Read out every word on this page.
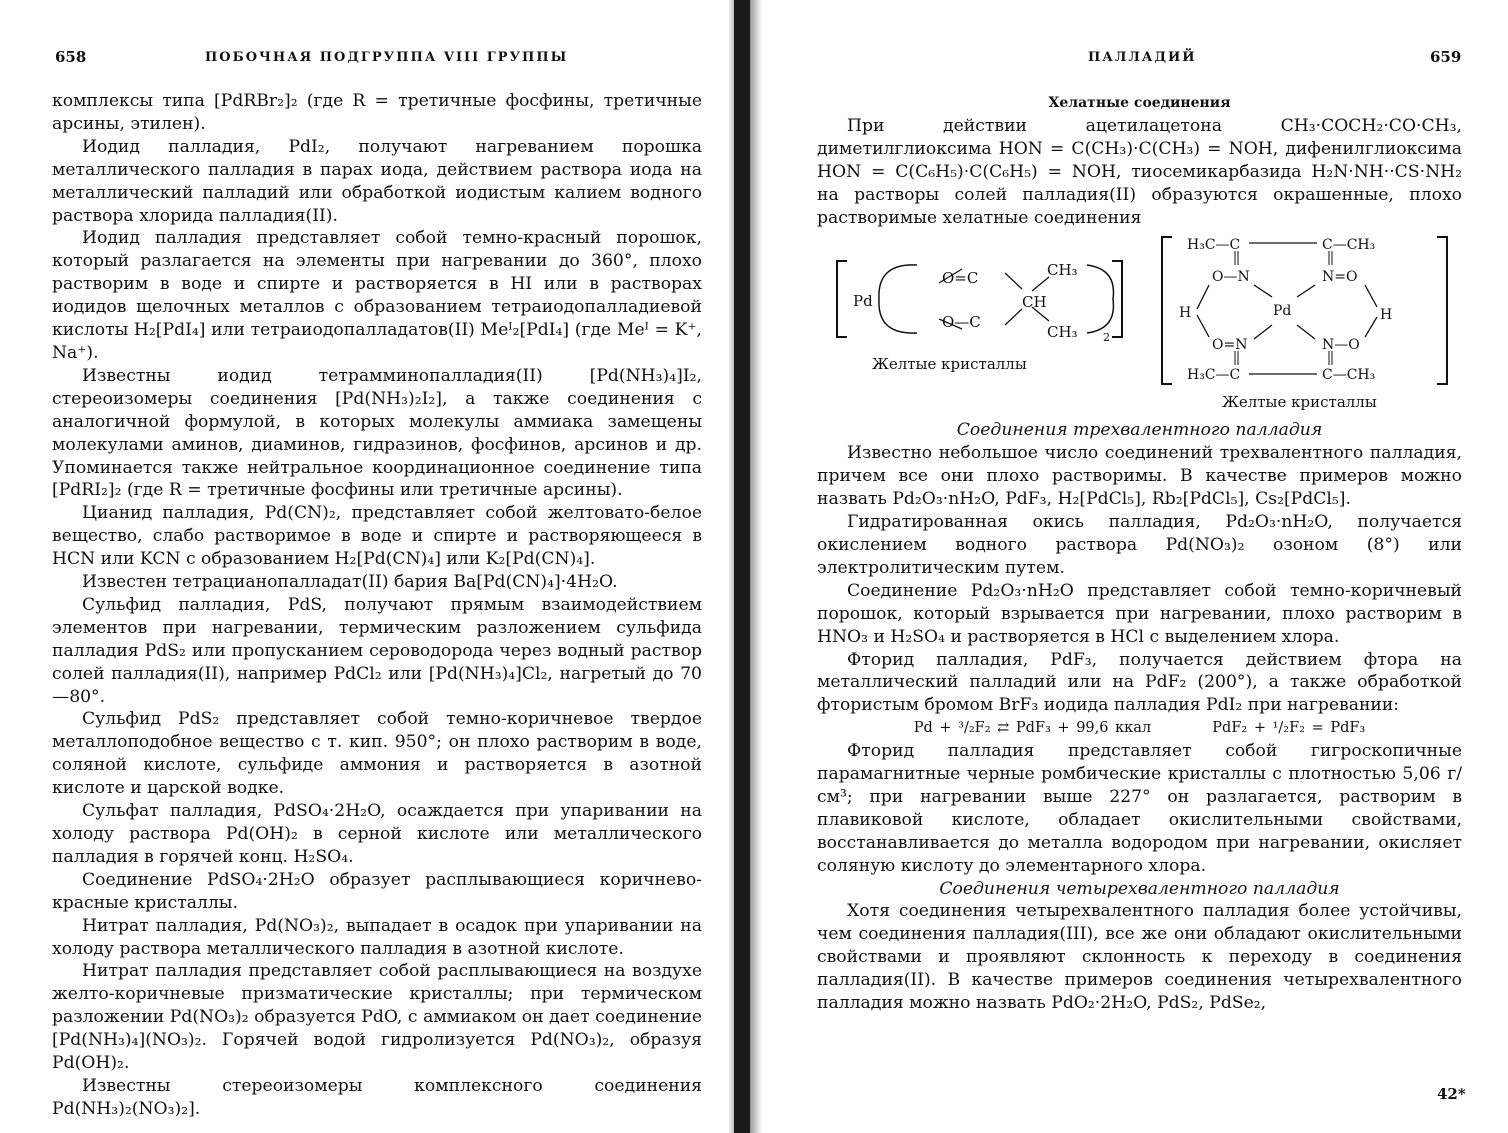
658	ПОБОЧНАЯ ПОДГРУППА VIII ГРУППЫ

комплексы типа [PdRBr₂]₂ (где R = третичные фосфины, третичные арсины, этилен).

Иодид палладия, PdI₂, получают нагреванием порошка металлического палладия в парах иода, действием раствора иода на металлический палладий или обработкой иодистым калием водного раствора хлорида палладия(II).

Иодид палладия представляет собой темно-красный порошок, который разлагается на элементы при нагревании до 360°, плохо растворим в воде и спирте и растворяется в HI или в растворах иодидов щелочных металлов с образованием тетраиодопалладиевой кислоты H₂[PdI₄] или тетраиодопалладатов(II) Meᴵ₂[PdI₄] (где Meᴵ = K⁺, Na⁺).

Известны иодид тетрамминопалладия(II) [Pd(NH₃)₄]I₂, стереоизомеры соединения [Pd(NH₃)₂I₂], а также соединения с аналогичной формулой, в которых молекулы аммиака замещены молекулами аминов, диаминов, гидразинов, фосфинов, арсинов и др. Упоминается также нейтральное координационное соединение типа [PdRI₂]₂ (где R = третичные фосфины или третичные арсины).

Цианид палладия, Pd(CN)₂, представляет собой желтовато-белое вещество, слабо растворимое в воде и спирте и растворяющееся в HCN или KCN с образованием H₂[Pd(CN)₄] или K₂[Pd(CN)₄].

Известен тетрацианопалладат(II) бария Ba[Pd(CN)₄]·4H₂O.

Сульфид палладия, PdS, получают прямым взаимодействием элементов при нагревании, термическим разложением сульфида палладия PdS₂ или пропусканием сероводорода через водный раствор солей палладия(II), например PdCl₂ или [Pd(NH₃)₄]Cl₂, нагретый до 70—80°.

Сульфид PdS₂ представляет собой темно-коричневое твердое металлоподобное вещество с т. кип. 950°; он плохо растворим в воде, соляной кислоте, сульфиде аммония и растворяется в азотной кислоте и царской водке.

Сульфат палладия, PdSO₄·2H₂O, осаждается при упаривании на холоду раствора Pd(OH)₂ в серной кислоте или металлического палладия в горячей конц. H₂SO₄.

Соединение PdSO₄·2H₂O образует расплывающиеся коричнево-красные кристаллы.

Нитрат палладия, Pd(NO₃)₂, выпадает в осадок при упаривании на холоду раствора металлического палладия в азотной кислоте.

Нитрат палладия представляет собой расплывающиеся на воздухе желто-коричневые призматические кристаллы; при термическом разложении Pd(NO₃)₂ образуется PdO, с аммиаком он дает соединение [Pd(NH₃)₄](NO₃)₂. Горячей водой гидролизуется Pd(NO₃)₂, образуя Pd(OH)₂.

Известны стереоизомеры комплексного соединения Pd(NH₃)₂(NO₃)₂].

ПАЛЛАДИЙ	659

Хелатные соединения

При действии ацетилацетона CH₃·COCH₂·CO·CH₃, диметилглиоксима HON = C(CH₃)·C(CH₃) = NOH, дифенилглиоксима HON = C(C₆H₅)·C(C₆H₅) = NOH, тиосемикарбазида H₂N·NH··CS·NH₂ на растворы солей палладия(II) образуются окрашенные, плохо растворимые хелатные соединения

Pd
O=C	CH₃
CH
O—C
CH₃ 2
Желтые кристаллы
H₃C—C	C—CH₃
O—N	N=O
H	Pd	H
O=N	N—O
H₃C—C	C—CH₃
Желтые кристаллы

Соединения трехвалентного палладия

Известно небольшое число соединений трехвалентного палладия, причем все они плохо растворимы. В качестве примеров можно назвать Pd₂O₃·nH₂O, PdF₃, H₂[PdCl₅], Rb₂[PdCl₅], Cs₂[PdCl₅].

Гидратированная окись палладия, Pd₂O₃·nH₂O, получается окислением водного раствора Pd(NO₃)₂ озоном (8°) или электролитическим путем.

Соединение Pd₂O₃·nH₂O представляет собой темно-коричневый порошок, который взрывается при нагревании, плохо растворим в HNO₃ и H₂SO₄ и растворяется в HCl с выделением хлора.

Фторид палладия, PdF₃, получается действием фтора на металлический палладий или на PdF₂ (200°), а также обработкой фтористым бромом BrF₃ иодида палладия PdI₂ при нагревании:

Pd + ³/₂F₂ ⇄ PdF₃ + 99,6 ккал	PdF₂ + ¹/₂F₂ = PdF₃

Фторид палладия представляет собой гигроскопичные парамагнитные черные ромбические кристаллы с плотностью 5,06 г/см³; при нагревании выше 227° он разлагается, растворим в плавиковой кислоте, обладает окислительными свойствами, восстанавливается до металла водородом при нагревании, окисляет соляную кислоту до элементарного хлора.

Соединения четырехвалентного палладия

Хотя соединения четырехвалентного палладия более устойчивы, чем соединения палладия(III), все же они обладают окислительными свойствами и проявляют склонность к переходу в соединения палладия(II). В качестве примеров соединения четырехвалентного палладия можно назвать PdO₂·2H₂O, PdS₂, PdSe₂,

42*
